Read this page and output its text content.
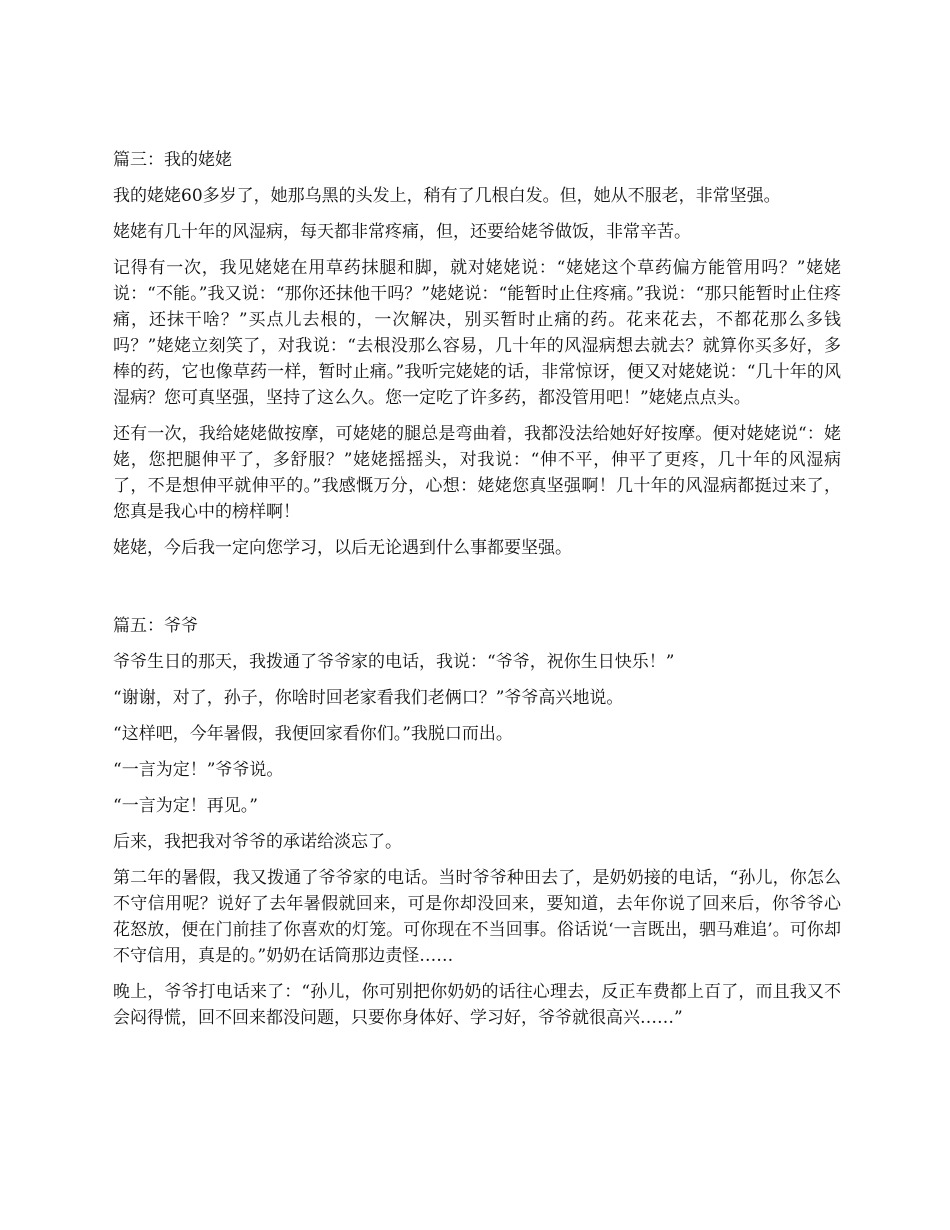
篇三：我的姥姥

我的姥姥60多岁了，她那乌黑的头发上，稍有了几根白发。但，她从不服老，非常坚强。

姥姥有几十年的风湿病，每天都非常疼痛，但，还要给姥爷做饭，非常辛苦。

记得有一次，我见姥姥在用草药抹腿和脚，就对姥姥说：“姥姥这个草药偏方能管用吗？”姥姥说：“不能。”我又说：“那你还抹他干吗？”姥姥说：“能暂时止住疼痛。”我说：“那只能暂时止住疼痛，还抹干啥？”买点儿去根的，一次解决，别买暂时止痛的药。花来花去，不都花那么多钱吗？”姥姥立刻笑了，对我说：“去根没那么容易，几十年的风湿病想去就去？就算你买多好，多棒的药，它也像草药一样，暂时止痛。”我听完姥姥的话，非常惊讶，便又对姥姥说：“几十年的风湿病？您可真坚强，坚持了这么久。您一定吃了许多药，都没管用吧！”姥姥点点头。

还有一次，我给姥姥做按摩，可姥姥的腿总是弯曲着，我都没法给她好好按摩。便对姥姥说“：姥姥，您把腿伸平了，多舒服？”姥姥摇摇头，对我说：“伸不平，伸平了更疼，几十年的风湿病了，不是想伸平就伸平的。”我感慨万分，心想：姥姥您真坚强啊！几十年的风湿病都挺过来了，您真是我心中的榜样啊！

姥姥，今后我一定向您学习，以后无论遇到什么事都要坚强。

篇五：爷爷

爷爷生日的那天，我拨通了爷爷家的电话，我说：“爷爷，祝你生日快乐！”

“谢谢，对了，孙子，你啥时回老家看我们老俩口？”爷爷高兴地说。

“这样吧，今年暑假，我便回家看你们。”我脱口而出。

“一言为定！”爷爷说。

“一言为定！再见。”

后来，我把我对爷爷的承诺给淡忘了。

第二年的暑假，我又拨通了爷爷家的电话。当时爷爷种田去了，是奶奶接的电话，“孙儿，你怎么不守信用呢？说好了去年暑假就回来，可是你却没回来，要知道，去年你说了回来后，你爷爷心花怒放，便在门前挂了你喜欢的灯笼。可你现在不当回事。俗话说‘一言既出，驷马难追’。可你却不守信用，真是的。”奶奶在话筒那边责怪……

晚上，爷爷打电话来了：“孙儿，你可别把你奶奶的话往心理去，反正车费都上百了，而且我又不会闷得慌，回不回来都没问题，只要你身体好、学习好，爷爷就很高兴……”
